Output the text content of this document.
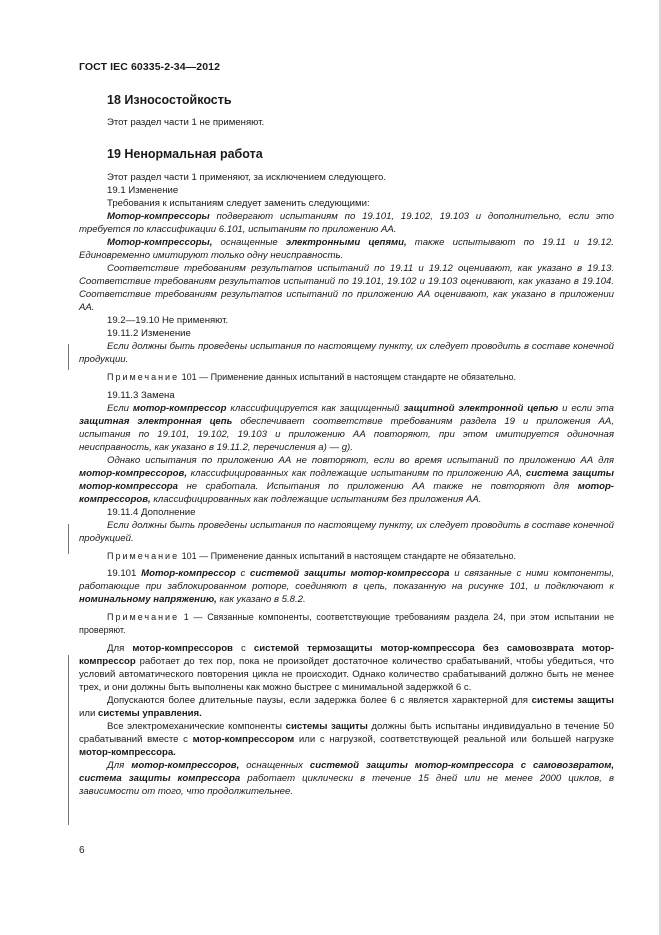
ГОСТ IEC 60335-2-34—2012
18 Износостойкость

Этот раздел части 1 не применяют.

19 Ненормальная работа

Этот раздел части 1 применяют, за исключением следующего.

19.1 Изменение

Требования к испытаниям следует заменить следующими:

Мотор-компрессоры подвергают испытаниям по 19.101, 19.102, 19.103 и дополнительно, если это требуется по классификации 6.101, испытаниям по приложению АА.

Мотор-компрессоры, оснащенные электронными цепями, также испытывают по 19.11 и 19.12. Единовременно имитируют только одну неисправность.

Соответствие требованиям результатов испытаний по 19.11 и 19.12 оценивают, как указано в 19.13. Соответствие требованиям результатов испытаний по 19.101, 19.102 и 19.103 оценивают, как указано в 19.104. Соответствие требованиям результатов испытаний по приложению АА оценивают, как указано в приложении АА.

19.2—19.10 Не применяют.

19.11.2 Изменение

Если должны быть проведены испытания по настоящему пункту, их следует проводить в составе конечной продукции.

Примечание 101 — Применение данных испытаний в настоящем стандарте не обязательно.

19.11.3 Замена

Если мотор-компрессор классифицируется как защищенный защитной электронной цепью и если эта защитная электронная цепь обеспечивает соответствие требованиям раздела 19 и приложения АА, испытания по 19.101, 19.102, 19.103 и приложению АА повторяют, при этом имитируется одиночная неисправность, как указано в 19.11.2, перечисления а) — g).

Однако испытания по приложению АА не повторяют, если во время испытаний по приложению АА для мотор-компрессоров, классифицированных как подлежащие испытаниям по приложению АА, система защиты мотор-компрессора не сработала. Испытания по приложению АА также не повторяют для мотор-компрессоров, классифицированных как подлежащие испытаниям без приложения АА.

19.11.4 Дополнение

Если должны быть проведены испытания по настоящему пункту, их следует проводить в составе конечной продукцией.

Примечание 101 — Применение данных испытаний в настоящем стандарте не обязательно.

19.101 Мотор-компрессор с системой защиты мотор-компрессора и связанные с ними компоненты, работающие при заблокированном роторе, соединяют в цепь, показанную на рисунке 101, и подключают к номинальному напряжению, как указано в 5.8.2.

Примечание 1 — Связанные компоненты, соответствующие требованиям раздела 24, при этом испытании не проверяют.

Для мотор-компрессоров с системой термозащиты мотор-компрессора без самовозврата мотор-компрессор работает до тех пор, пока не произойдет достаточное количество срабатываний, чтобы убедиться, что условий автоматического повторения цикла не происходит. Однако количество срабатываний должно быть не менее трех, и они должны быть выполнены как можно быстрее с минимальной задержкой 6 с.

Допускаются более длительные паузы, если задержка более 6 с является характерной для системы защиты или системы управления.

Все электромеханические компоненты системы защиты должны быть испытаны индивидуально в течение 50 срабатываний вместе с мотор-компрессором или с нагрузкой, соответствующей реальной или большей нагрузке мотор-компрессора.

Для мотор-компрессоров, оснащенных системой защиты мотор-компрессора с самовозвратом, система защиты компрессора работает циклически в течение 15 дней или не менее 2000 циклов, в зависимости от того, что продолжительнее.

6
